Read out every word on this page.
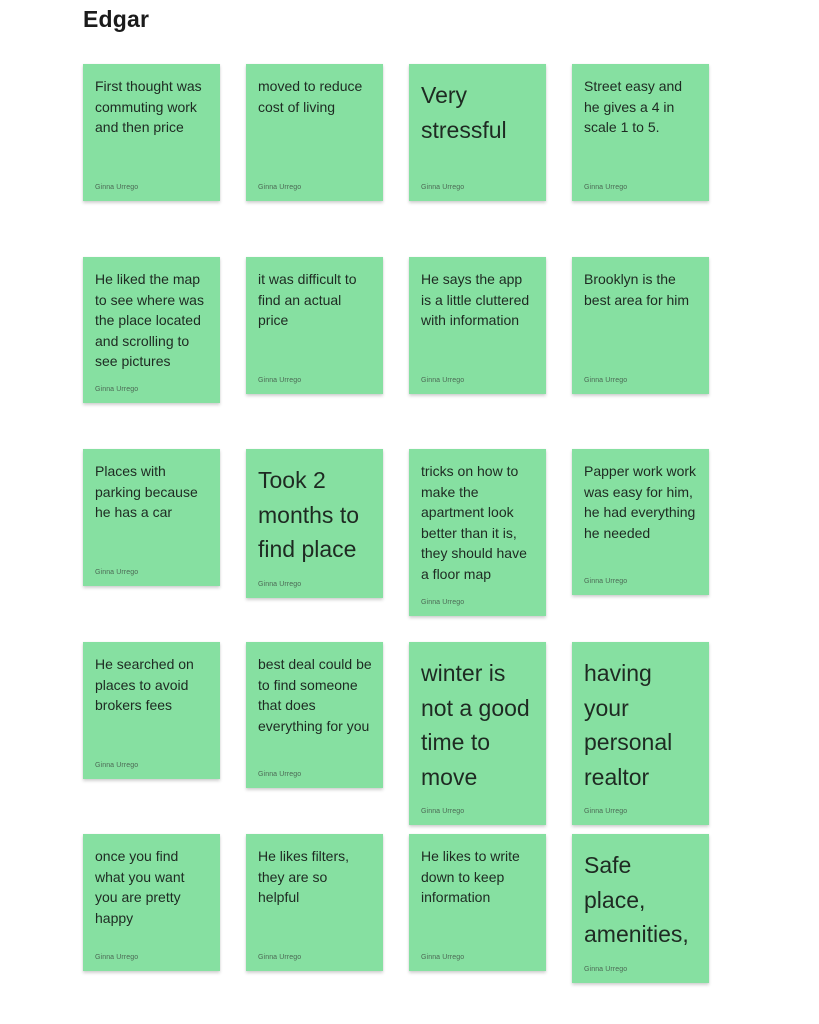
Edgar
First thought was commuting work and then price
Ginna Urrego
moved to reduce cost of living
Ginna Urrego
Very stressful
Ginna Urrego
Street easy and he gives a 4 in scale 1 to 5.
Ginna Urrego
He liked the map to see where was the place located and scrolling to see pictures
Ginna Urrego
it was difficult to find an actual price
Ginna Urrego
He says the app is a little cluttered with information
Ginna Urrego
Brooklyn is the best area for him
Ginna Urrego
Places with parking because he has a car
Ginna Urrego
Took 2 months to find place
Ginna Urrego
tricks on how to make the apartment look better than it is, they should have a floor map
Ginna Urrego
Papper work work was easy for him, he had everything he needed
Ginna Urrego
He searched on places to avoid brokers fees
Ginna Urrego
best deal could be to find someone that does everything for you
Ginna Urrego
winter is not a good time to move
Ginna Urrego
having your personal realtor
Ginna Urrego
once you find what you want you are pretty happy
Ginna Urrego
He likes filters, they are so helpful
Ginna Urrego
He likes to write down to keep information
Ginna Urrego
Safe place, amenities,
Ginna Urrego
